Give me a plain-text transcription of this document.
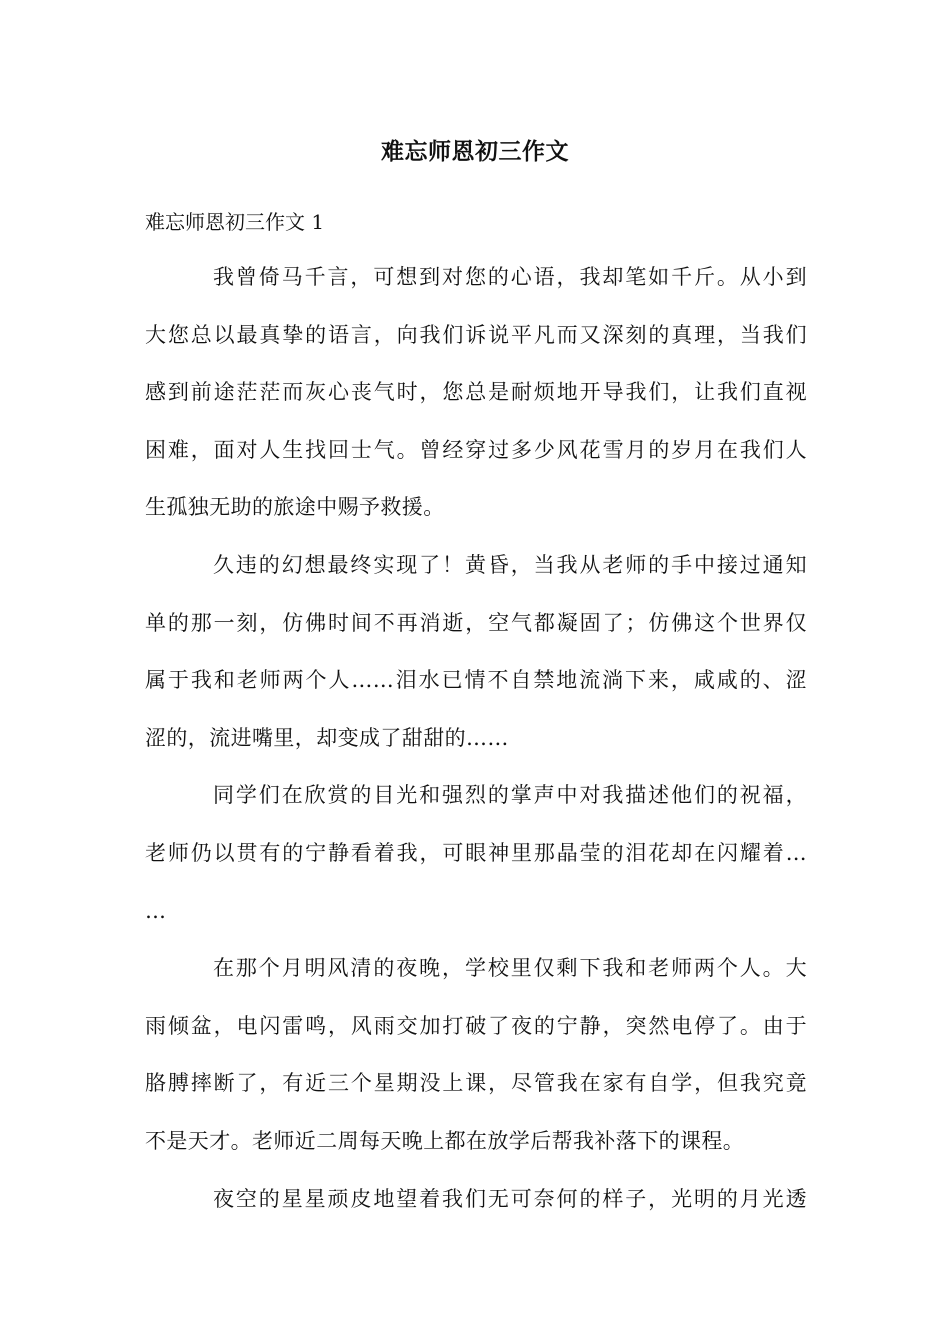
难忘师恩初三作文
难忘师恩初三作文 1
我曾倚马千言，可想到对您的心语，我却笔如千斤。从小到
大您总以最真挚的语言，向我们诉说平凡而又深刻的真理，当我们
感到前途茫茫而灰心丧气时，您总是耐烦地开导我们，让我们直视
困难，面对人生找回士气。曾经穿过多少风花雪月的岁月在我们人
生孤独无助的旅途中赐予救援。
久违的幻想最终实现了！黄昏，当我从老师的手中接过通知
单的那一刻，仿佛时间不再消逝，空气都凝固了；仿佛这个世界仅
属于我和老师两个人……泪水已情不自禁地流淌下来，咸咸的、涩
涩的，流进嘴里，却变成了甜甜的……
同学们在欣赏的目光和强烈的掌声中对我描述他们的祝福，
老师仍以贯有的宁静看着我，可眼神里那晶莹的泪花却在闪耀着…
…
在那个月明风清的夜晚，学校里仅剩下我和老师两个人。大
雨倾盆，电闪雷鸣，风雨交加打破了夜的宁静，突然电停了。由于
胳膊摔断了，有近三个星期没上课，尽管我在家有自学，但我究竟
不是天才。老师近二周每天晚上都在放学后帮我补落下的课程。
夜空的星星顽皮地望着我们无可奈何的样子，光明的月光透
